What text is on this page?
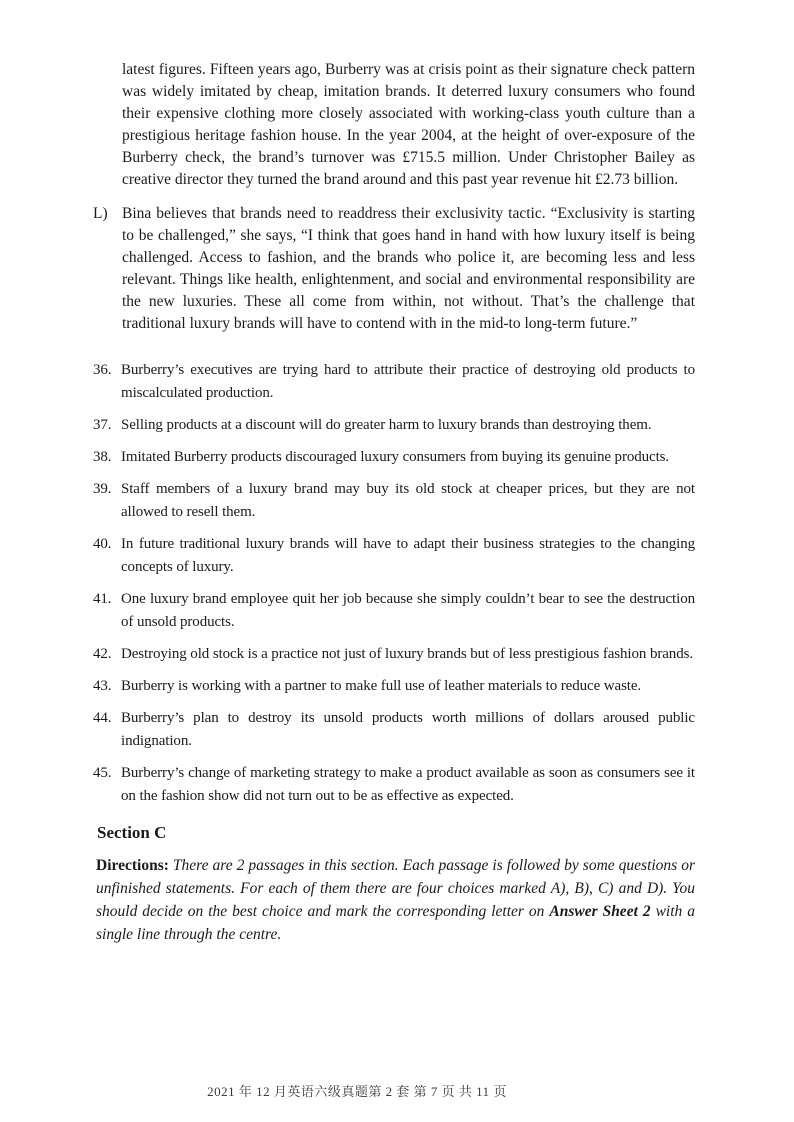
latest figures. Fifteen years ago, Burberry was at crisis point as their signature check pattern was widely imitated by cheap, imitation brands. It deterred luxury consumers who found their expensive clothing more closely associated with working-class youth culture than a prestigious heritage fashion house. In the year 2004, at the height of over-exposure of the Burberry check, the brand’s turnover was £715.5 million. Under Christopher Bailey as creative director they turned the brand around and this past year revenue hit £2.73 billion.

L) Bina believes that brands need to readdress their exclusivity tactic. “Exclusivity is starting to be challenged,” she says, “I think that goes hand in hand with how luxury itself is being challenged. Access to fashion, and the brands who police it, are becoming less and less relevant. Things like health, enlightenment, and social and environmental responsibility are the new luxuries. These all come from within, not without. That’s the challenge that traditional luxury brands will have to contend with in the mid-to long-term future.”

36. Burberry’s executives are trying hard to attribute their practice of destroying old products to miscalculated production.

37. Selling products at a discount will do greater harm to luxury brands than destroying them.

38. Imitated Burberry products discouraged luxury consumers from buying its genuine products.

39. Staff members of a luxury brand may buy its old stock at cheaper prices, but they are not allowed to resell them.

40. In future traditional luxury brands will have to adapt their business strategies to the changing concepts of luxury.

41. One luxury brand employee quit her job because she simply couldn’t bear to see the destruction of unsold products.

42. Destroying old stock is a practice not just of luxury brands but of less prestigious fashion brands.

43. Burberry is working with a partner to make full use of leather materials to reduce waste.

44. Burberry’s plan to destroy its unsold products worth millions of dollars aroused public indignation.

45. Burberry’s change of marketing strategy to make a product available as soon as consumers see it on the fashion show did not turn out to be as effective as expected.

Section C

Directions: There are 2 passages in this section. Each passage is followed by some questions or unfinished statements. For each of them there are four choices marked A), B), C) and D). You should decide on the best choice and mark the corresponding letter on Answer Sheet 2 with a single line through the centre.

2021 年 12 月英语六级真题第 2 套 第 7 页 共 11 页
